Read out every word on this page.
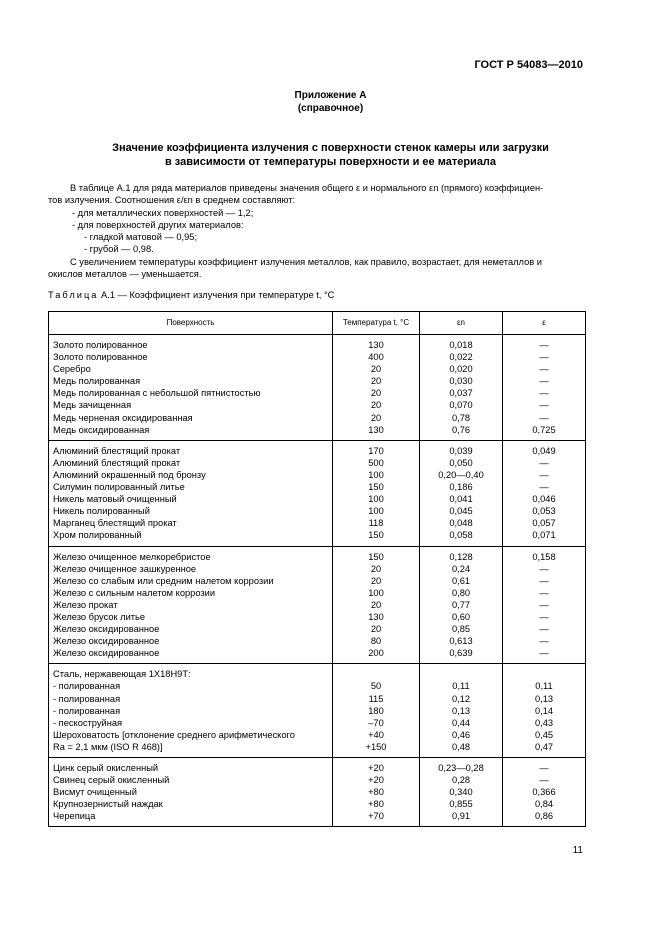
ГОСТ Р 54083—2010
Приложение А
(справочное)
Значение коэффициента излучения с поверхности стенок камеры или загрузки
в зависимости от температуры поверхности и ее материала

В таблице А.1 для ряда материалов приведены значения общего ε и нормального εn (прямого) коэффициен-

тов излучения. Соотношения ε/εn в среднем составляют:

- для металлических поверхностей — 1,2;

- для поверхностей других материалов:

- гладкой матовой — 0,95;

- грубой — 0,98.

С увеличением температуры коэффициент излучения металлов, как правило, возрастает, для неметаллов и

окислов металлов — уменьшается.

Таблица А.1 — Коэффициент излучения при температуре t, °С
Поверхность	Температура t, °С	εn	ε
Золото полированное	130	0,018	—
Золото полированное	400	0,022	—
Серебро	20	0,020	—
Медь полированная	20	0,030	—
Медь полированная с небольшой пятнистостью	20	0,037	—
Медь зачищенная	20	0,070	—
Медь черненая оксидированная	20	0,78	—
Медь оксидированная	130	0,76	0,725
Алюминий блестящий прокат	170	0,039	0,049
Алюминий блестящий прокат	500	0,050	—
Алюминий окрашенный под бронзу	100	0,20—0,40	—
Силумин полированный литье	150	0,186	—
Никель матовый очищенный	100	0,041	0,046
Никель полированный	100	0,045	0,053
Марганец блестящий прокат	118	0,048	0,057
Хром полированный	150	0,058	0,071
Железо очищенное мелкоребристое	150	0,128	0,158
Железо очищенное зашкуренное	20	0,24	—
Железо со слабым или средним налетом коррозии	20	0,61	—
Железо с сильным налетом коррозии	100	0,80	—
Железо прокат	20	0,77	—
Железо брусок литье	130	0,60	—
Железо оксидированное	20	0,85	—
Железо оксидированное	80	0,613	—
Железо оксидированное	200	0,639	—
Сталь, нержавеющая 1Х18Н9Т:			
- полированная	50	0,11	0,11
- полированная	115	0,12	0,13
- полированная	180	0,13	0,14
- пескоструйная	–70	0,44	0,43
Шероховатость [отклонение среднего арифметического	+40	0,46	0,45
Ra = 2,1 мкм (ISO R 468)]	+150	0,48	0,47
Цинк серый окисленный	+20	0,23—0,28	—
Свинец серый окисленный	+20	0,28	—
Висмут очищенный	+80	0,340	0,366
Крупнозернистый наждак	+80	0,855	0,84
Черепица	+70	0,91	0,86
11
